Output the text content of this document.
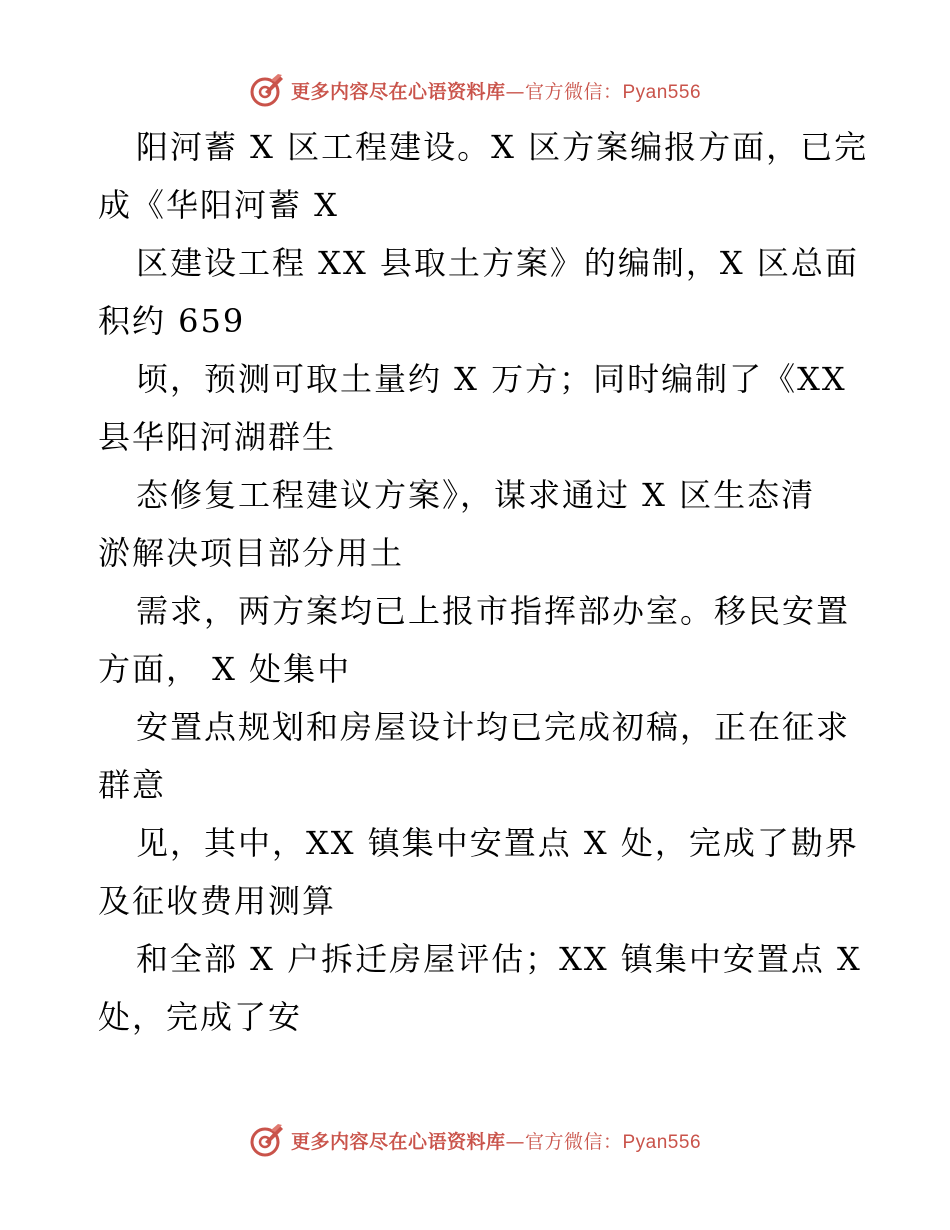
更多内容尽在心语资料库 — 官方微信： Pyan556
阳河蓄 X 区工程建设。X 区方案编报方面，已完
成《华阳河蓄 X
区建设工程 XX 县取土方案》的编制，X 区总面
积约 659
顷，预测可取土量约 X 万方；同时编制了《XX
县华阳河湖群生
态修复工程建议方案》，谋求通过 X 区生态清
淤解决项目部分用土
需求，两方案均已上报市指挥部办室。移民安置
方面， X 处集中
安置点规划和房屋设计均已完成初稿，正在征求
群意
见，其中，XX 镇集中安置点 X 处，完成了勘界
及征收费用测算
和全部 X 户拆迁房屋评估；XX 镇集中安置点 X
处，完成了安
更多内容尽在心语资料库 — 官方微信： Pyan556
